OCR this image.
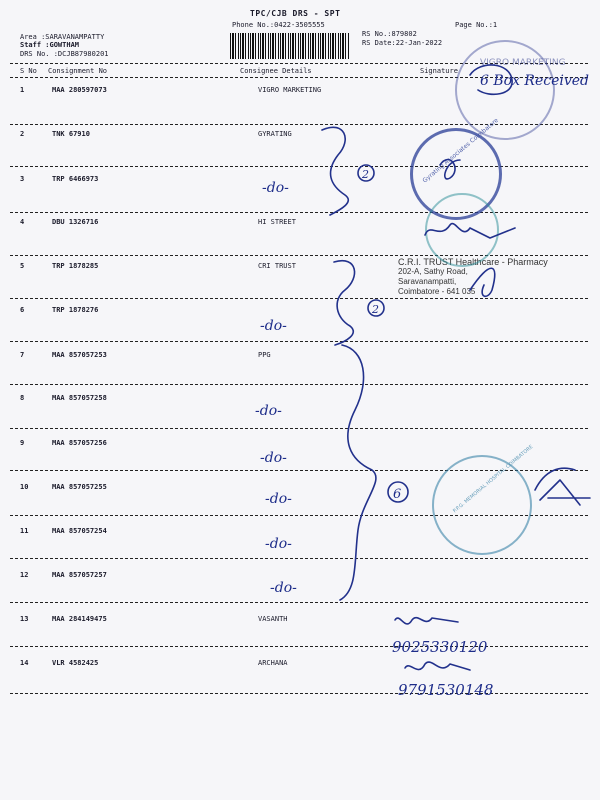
TPC/CJB DRS - SPT
Phone No.:0422-3505555	Page No.:1
RS No.:879802
RS Date:22-Jan-2022
Area :SARAVANAMPATTY
Staff :GOWTHAM
DRS No. :DCJB87980201
S No Consignment No	Consignee Details	Signature
1	MAA 280597073	VIGRO MARKETING
2	TNK 67910	GYRATING
3	TRP 6466973
4	DBU 1326716	HI STREET
5	TRP 1878285	CRI TRUST
6	TRP 1878276
7	MAA 857057253	PPG
8	MAA 857057258
9	MAA 857057256
10	MAA 857057255
11	MAA 857057254
12	MAA 857057257
13	MAA 284149475	VASANTH
14	VLR 4582425	ARCHANA
C.R.I. TRUST Healthcare - Pharmacy
202-A, Sathy Road,
Saravanampatti,
Coimbatore - 641 035
VIGRO MARKETING
Gyrating Associates Coimbatore
P.P.G. MEMORIAL HOSPITAL COIMBATORE
6 Box Received
2
2
6
-do-
-do-
-do-
-do-
-do-
-do-
-do-
9025330120
9791530148
